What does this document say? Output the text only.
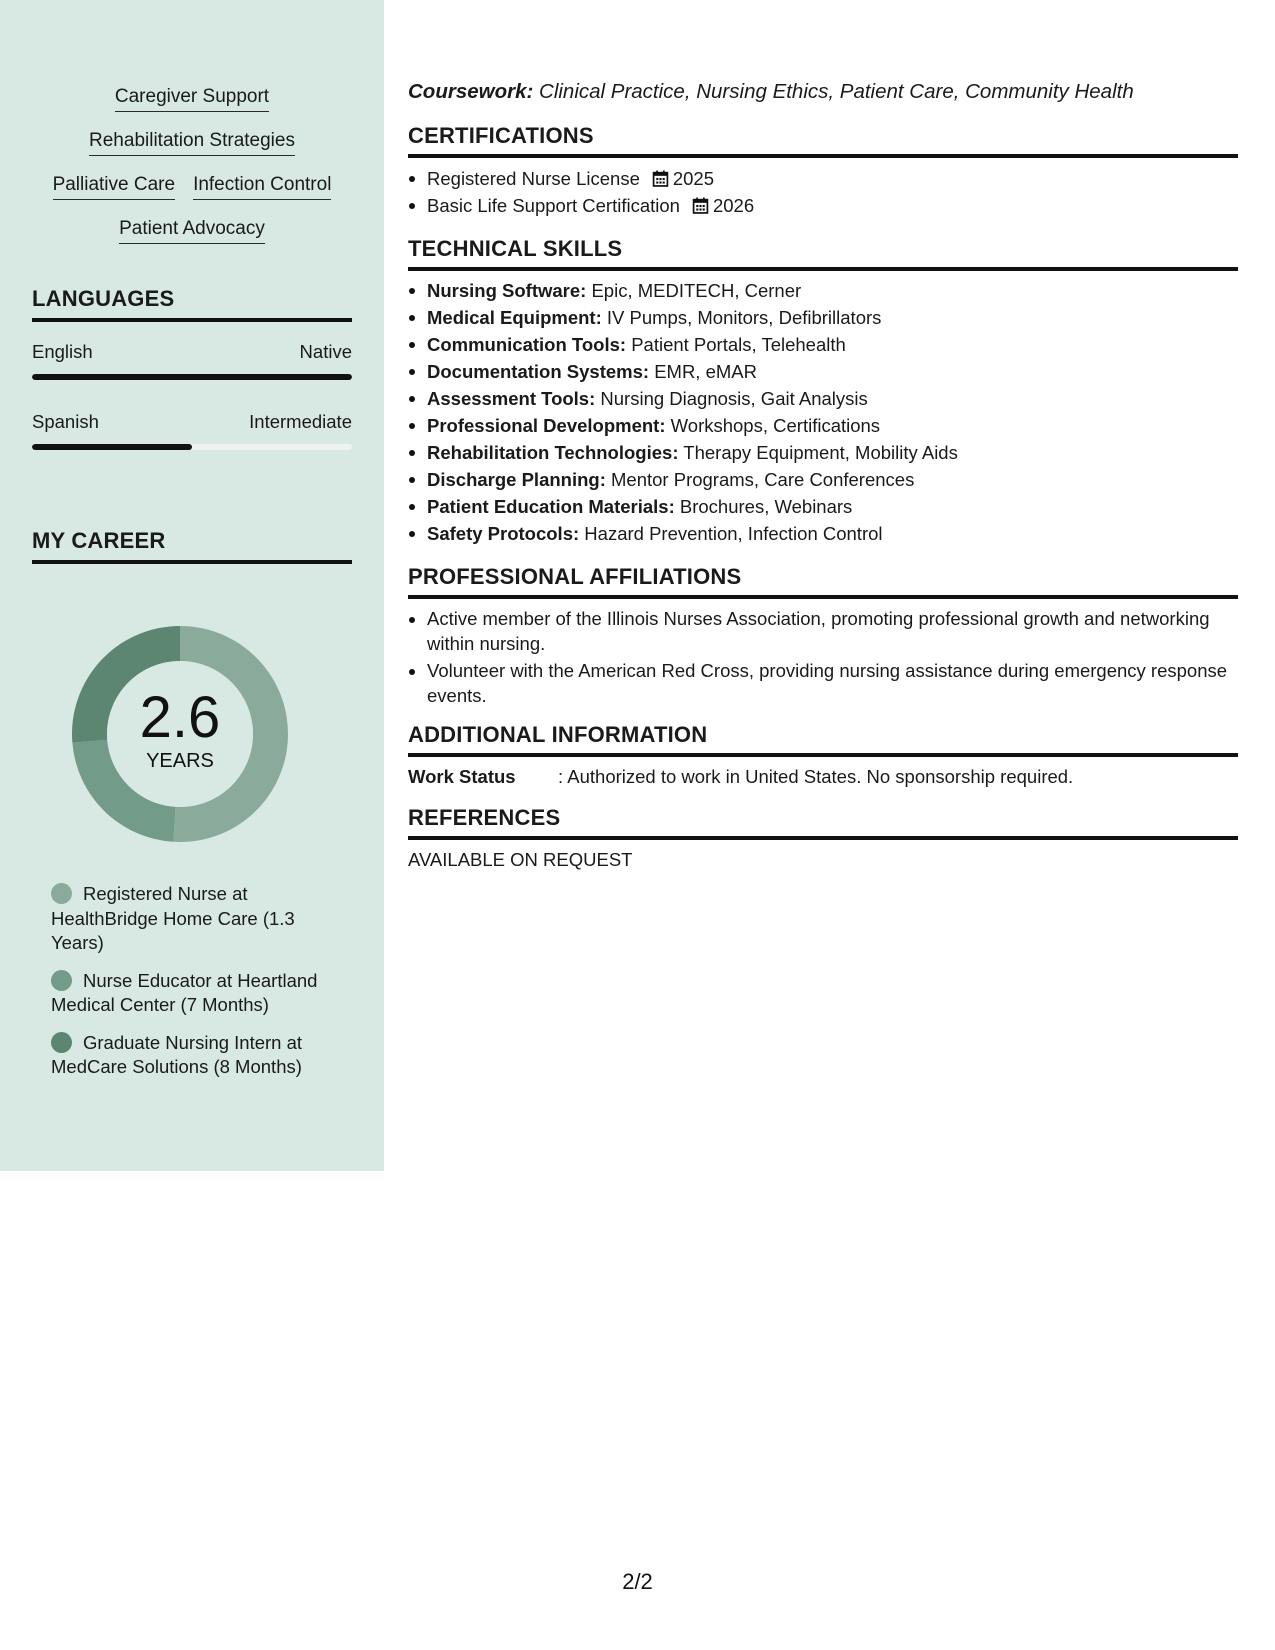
Caregiver Support
Rehabilitation Strategies
Palliative Care Infection Control
Patient Advocacy
LANGUAGES
English	Native
Spanish	Intermediate
MY CAREER
2.6
YEARS
Registered Nurse at HealthBridge Home Care (1.3 Years)
Nurse Educator at Heartland Medical Center (7 Months)
Graduate Nursing Intern at MedCare Solutions (8 Months)
Coursework: Clinical Practice, Nursing Ethics, Patient Care, Community Health
CERTIFICATIONS
Registered Nurse License 2025
Basic Life Support Certification 2026
TECHNICAL SKILLS
Nursing Software: Epic, MEDITECH, Cerner
Medical Equipment: IV Pumps, Monitors, Defibrillators
Communication Tools: Patient Portals, Telehealth
Documentation Systems: EMR, eMAR
Assessment Tools: Nursing Diagnosis, Gait Analysis
Professional Development: Workshops, Certifications
Rehabilitation Technologies: Therapy Equipment, Mobility Aids
Discharge Planning: Mentor Programs, Care Conferences
Patient Education Materials: Brochures, Webinars
Safety Protocols: Hazard Prevention, Infection Control
PROFESSIONAL AFFILIATIONS
Active member of the Illinois Nurses Association, promoting professional growth and networking within nursing.
Volunteer with the American Red Cross, providing nursing assistance during emergency response events.
ADDITIONAL INFORMATION
Work Status	: Authorized to work in United States. No sponsorship required.
REFERENCES
AVAILABLE ON REQUEST
2/2
